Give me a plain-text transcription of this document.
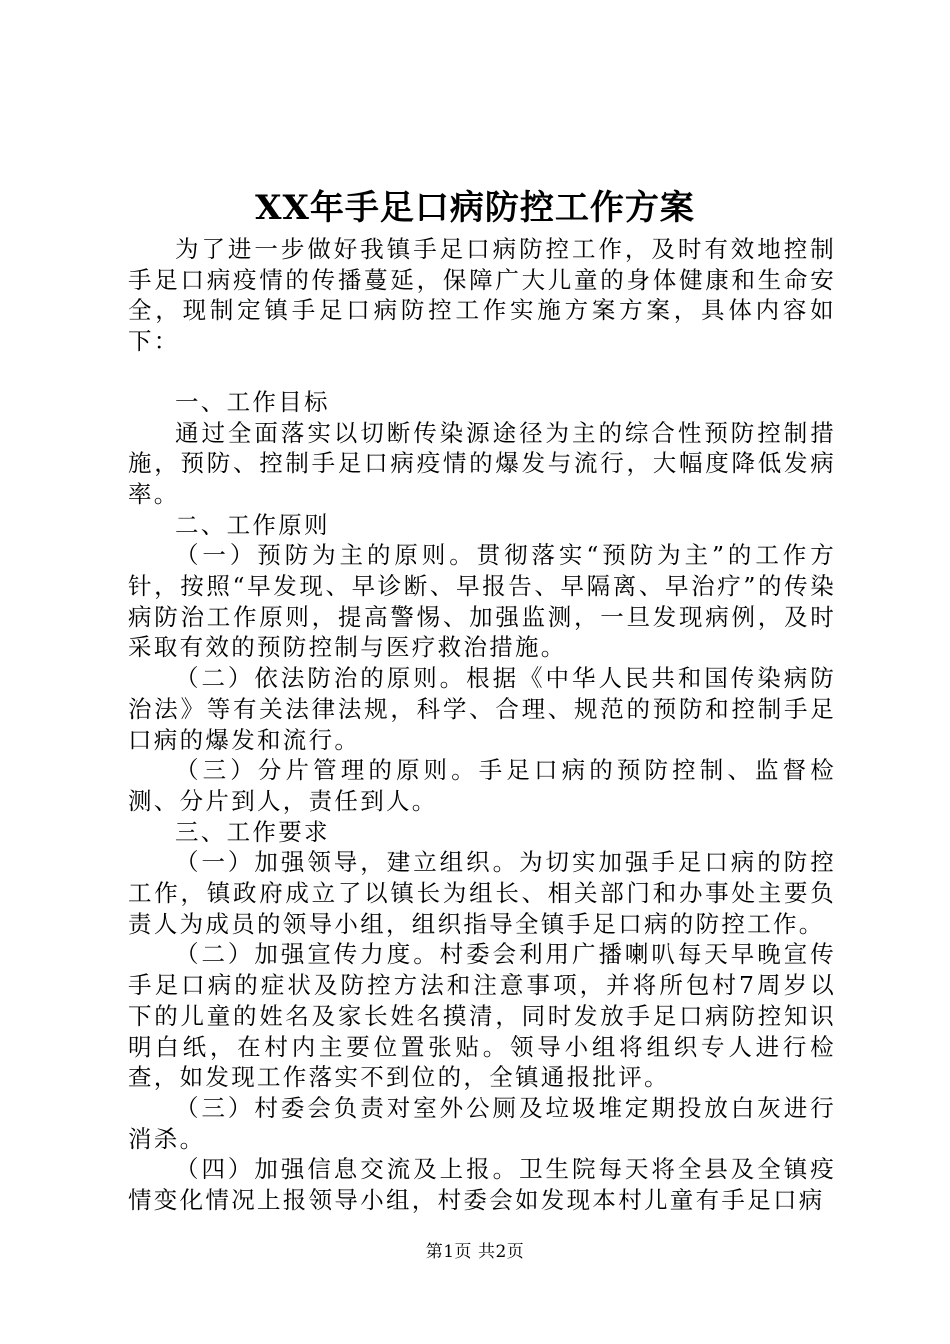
XX年手足口病防控工作方案

为了进一步做好我镇手足口病防控工作，及时有效地控制手足口病疫情的传播蔓延，保障广大儿童的身体健康和生命安全，现制定镇手足口病防控工作实施方案方案，具体内容如下：

一、工作目标

通过全面落实以切断传染源途径为主的综合性预防控制措施，预防、控制手足口病疫情的爆发与流行，大幅度降低发病率。

二、工作原则

（一）预防为主的原则。贯彻落实“预防为主”的工作方针，按照“早发现、早诊断、早报告、早隔离、早治疗”的传染病防治工作原则，提高警惕、加强监测，一旦发现病例，及时采取有效的预防控制与医疗救治措施。

（二）依法防治的原则。根据《中华人民共和国传染病防治法》等有关法律法规，科学、合理、规范的预防和控制手足口病的爆发和流行。

（三）分片管理的原则。手足口病的预防控制、监督检测、分片到人，责任到人。

三、工作要求

（一）加强领导，建立组织。为切实加强手足口病的防控工作，镇政府成立了以镇长为组长、相关部门和办事处主要负责人为成员的领导小组，组织指导全镇手足口病的防控工作。

（二）加强宣传力度。村委会利用广播喇叭每天早晚宣传手足口病的症状及防控方法和注意事项，并将所包村7周岁以下的儿童的姓名及家长姓名摸清，同时发放手足口病防控知识明白纸，在村内主要位置张贴。领导小组将组织专人进行检查，如发现工作落实不到位的，全镇通报批评。

（三）村委会负责对室外公厕及垃圾堆定期投放白灰进行消杀。

（四）加强信息交流及上报。卫生院每天将全县及全镇疫情变化情况上报领导小组，村委会如发现本村儿童有手足口病

第1页 共2页
